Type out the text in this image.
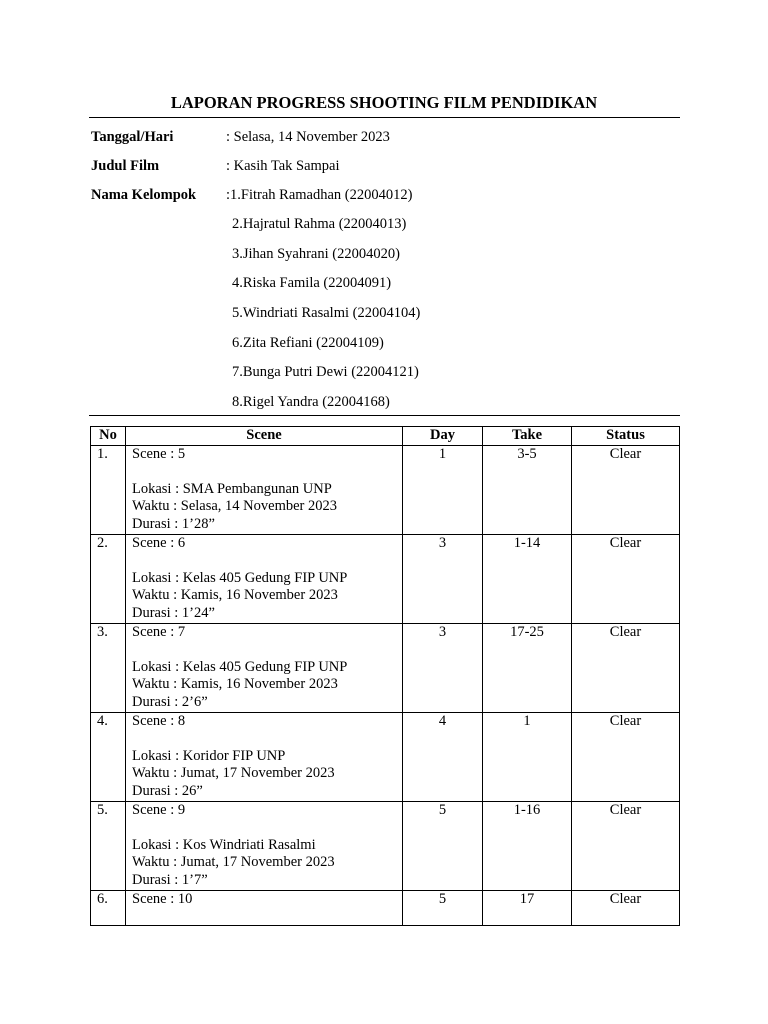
LAPORAN PROGRESS SHOOTING FILM PENDIDIKAN
Tanggal/Hari	: Selasa, 14 November 2023
Judul Film	: Kasih Tak Sampai
Nama Kelompok :1.Fitrah Ramadhan (22004012)
2.Hajratul Rahma (22004013)
3.Jihan Syahrani (22004020)
4.Riska Famila (22004091)
5.Windriati Rasalmi (22004104)
6.Zita Refiani (22004109)
7.Bunga Putri Dewi (22004121)
8.Rigel Yandra (22004168)
No	Scene	Day	Take	Status
1.	Scene : 5
Lokasi : SMA Pembangunan UNP
Waktu : Selasa, 14 November 2023
Durasi : 1’28”	1	3-5	Clear
2.	Scene : 6
Lokasi : Kelas 405 Gedung FIP UNP
Waktu : Kamis, 16 November 2023
Durasi : 1’24”	3	1-14	Clear
3.	Scene : 7
Lokasi : Kelas 405 Gedung FIP UNP
Waktu : Kamis, 16 November 2023
Durasi : 2’6”	3	17-25	Clear
4.	Scene : 8
Lokasi : Koridor FIP UNP
Waktu : Jumat, 17 November 2023
Durasi : 26”	4	1	Clear
5.	Scene : 9
Lokasi : Kos Windriati Rasalmi
Waktu : Jumat, 17 November 2023
Durasi : 1’7”	5	1-16	Clear
6.	Scene : 10	5	17	Clear
